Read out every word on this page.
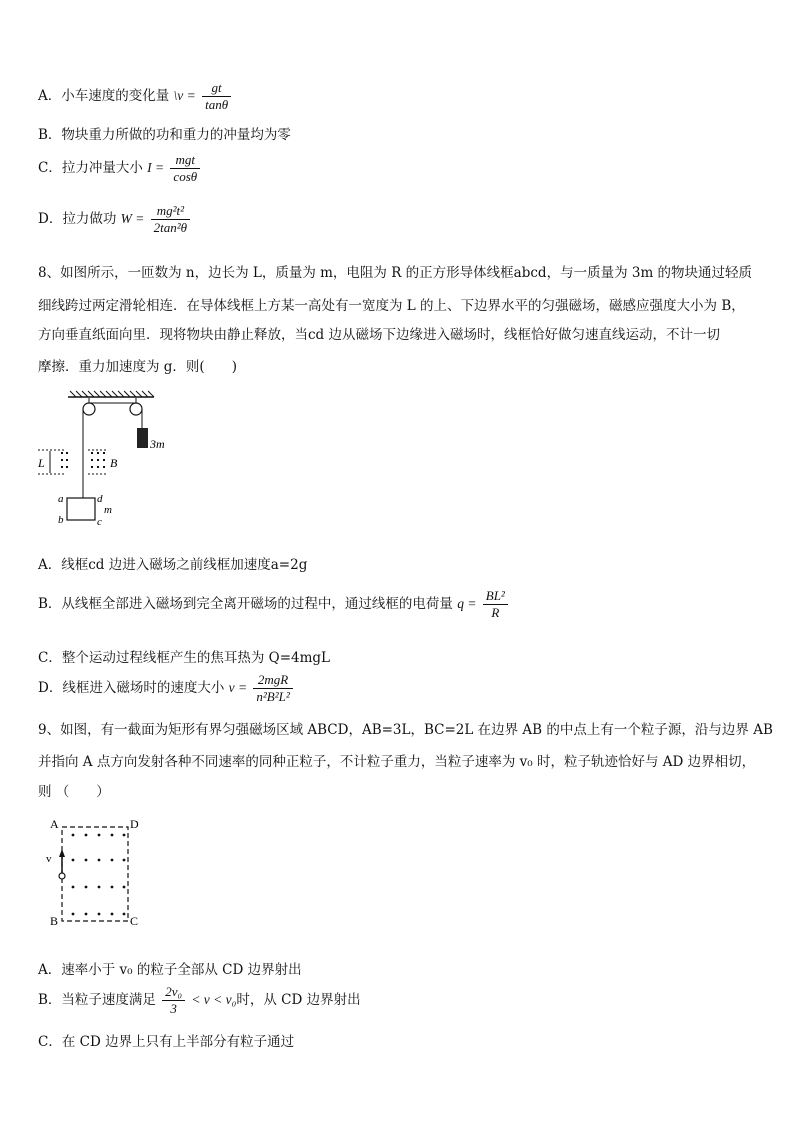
A．小车速度的变化量 \v = $\frac{gt}{\tan\theta}$
B．物块重力所做的功和重力的冲量均为零
C．拉力冲量大小 $I = \frac{\text{mgt}}{\cos\theta}$
D．拉力做功 $W = \frac{\text{mg²t²}}{\text{2tan²θ}}$
8、如图所示，一匝数为 n，边长为 L，质量为 m，电阻为 R 的正方形导体线框abcd，与一质量为 3m 的物块通过轻质
细线跨过两定滑轮相连．在导体线框上方某一高处有一宽度为 L 的上、下边界水平的匀强磁场，磁感应强度大小为 B，
方向垂直纸面向里．现将物块由静止释放，当cd 边从磁场下边缘进入磁场时，线框恰好做匀速直线运动，不计一切
摩擦．重力加速度为 g．则(　　)
3m
L	B
a
b	c
d
m
A．线框cd 边进入磁场之前线框加速度a=2g
B．从线框全部进入磁场到完全离开磁场的过程中，通过线框的电荷量 $q = \frac{\text{BL²}}{R}$
C．整个运动过程线框产生的焦耳热为 Q=4mgL
D．线框进入磁场时的速度大小 $v = \frac{\text{2mgR}}{\text{n²B²L²}}$
9、如图，有一截面为矩形有界匀强磁场区域 ABCD，AB=3L，BC=2L 在边界 AB 的中点上有一个粒子源，沿与边界 AB
并指向 A 点方向发射各种不同速率的同种正粒子，不计粒子重力，当粒子速率为 v₀ 时，粒子轨迹恰好与 AD 边界相切，
则 （　　）
A	D
B	C
v
A．速率小于 v₀ 的粒子全部从 CD 边界射出
B．当粒子速度满足 $\frac{\text{2v₀}}{3} < v < v_0$时，从 CD 边界射出
C．在 CD 边界上只有上半部分有粒子通过
